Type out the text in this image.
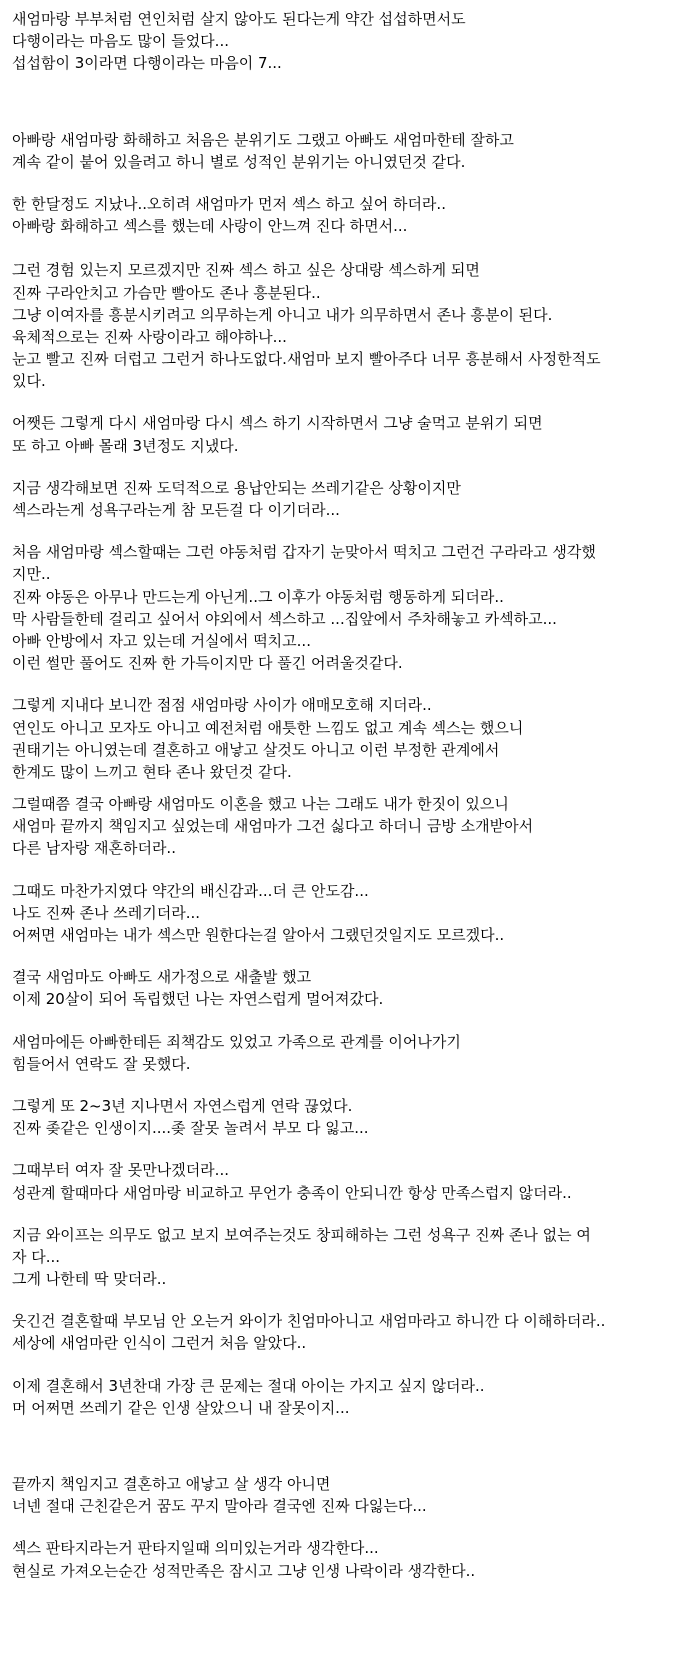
새엄마랑 부부처럼 연인처럼 살지 않아도 된다는게 약간 섭섭하면서도
다행이라는 마음도 많이 들었다...
섭섭함이 3이라면 다행이라는 마음이 7...
아빠랑 새엄마랑 화해하고 처음은 분위기도 그랬고 아빠도 새엄마한테 잘하고
계속 같이 붙어 있을려고 하니 별로 성적인 분위기는 아니였던것 같다.
한 한달정도 지났나..오히려 새엄마가 먼저 섹스 하고 싶어 하더라..
아빠랑 화해하고 섹스를 했는데 사랑이 안느껴 진다 하면서...
그런 경험 있는지 모르겠지만 진짜 섹스 하고 싶은 상대랑 섹스하게 되면
진짜 구라안치고 가슴만 빨아도 존나 흥분된다..
그냥 이여자를 흥분시키려고 의무하는게 아니고 내가 의무하면서 존나 흥분이 된다.
육체적으로는 진짜 사랑이라고 해야하나...
눈고 빨고 진짜 더럽고 그런거 하나도없다.새엄마 보지 빨아주다 너무 흥분해서 사정한적도
있다.
어쨋든 그렇게 다시 새엄마랑 다시 섹스 하기 시작하면서 그냥 술먹고 분위기 되면
또 하고 아빠 몰래 3년정도 지냈다.
지금 생각해보면 진짜 도덕적으로 용납안되는 쓰레기같은 상황이지만
섹스라는게 성욕구라는게 참 모든걸 다 이기더라...
처음 새엄마랑 섹스할때는 그런 야동처럼 갑자기 눈맞아서 떡치고 그런건 구라라고 생각했
지만..
진짜 야동은 아무나 만드는게 아닌게..그 이후가 야동처럼 행동하게 되더라..
막 사람들한테 걸리고 싶어서 야외에서 섹스하고 ...집앞에서 주차해놓고 카섹하고...
아빠 안방에서 자고 있는데 거실에서 떡치고...
이런 썰만 풀어도 진짜 한 가득이지만 다 풀긴 어려울것같다.
그렇게 지내다 보니깐 점점 새엄마랑 사이가 애매모호해 지더라..
연인도 아니고 모자도 아니고 예전처럼 애틋한 느낌도 없고 계속 섹스는 했으니
권태기는 아니였는데 결혼하고 애낳고 살것도 아니고 이런 부정한 관계에서
한계도 많이 느끼고 현타 존나 왔던것 같다.
그럴때쯤 결국 아빠랑 새엄마도 이혼을 했고 나는 그래도 내가 한짓이 있으니
새엄마 끝까지 책임지고 싶었는데 새엄마가 그건 싫다고 하더니 금방 소개받아서
다른 남자랑 재혼하더라..
그때도 마찬가지였다 약간의 배신감과...더 큰 안도감...
나도 진짜 존나 쓰레기더라...
어쩌면 새엄마는 내가 섹스만 원한다는걸 알아서 그랬던것일지도 모르겠다..
결국 새엄마도 아빠도 새가정으로 새출발 했고
이제 20살이 되어 독립했던 나는 자연스럽게 멀어져갔다.
새엄마에든 아빠한테든 죄책감도 있었고 가족으로 관계를 이어나가기
힘들어서 연락도 잘 못했다.
그렇게 또 2~3년 지나면서 자연스럽게 연락 끊었다.
진짜 좆같은 인생이지....좆 잘못 놀려서 부모 다 잃고...
그때부터 여자 잘 못만나겠더라...
성관계 할때마다 새엄마랑 비교하고 무언가 충족이 안되니깐 항상 만족스럽지 않더라..
지금 와이프는 의무도 없고 보지 보여주는것도 창피해하는 그런 성욕구 진짜 존나 없는 여
자 다...
그게 나한테 딱 맞더라..
웃긴건 결혼할때 부모님 안 오는거 와이가 친엄마아니고 새엄마라고 하니깐 다 이해하더라..
세상에 새엄마란 인식이 그런거 처음 알았다..
이제 결혼해서 3년찬대 가장 큰 문제는 절대 아이는 가지고 싶지 않더라..
머 어쩌면 쓰레기 같은 인생 살았으니 내 잘못이지...
끝까지 책임지고 결혼하고 애낳고 살 생각 아니면
너넨 절대 근친같은거 꿈도 꾸지 말아라 결국엔 진짜 다잃는다...
섹스 판타지라는거 판타지일때 의미있는거라 생각한다...
현실로 가져오는순간 성적만족은 잠시고 그냥 인생 나락이라 생각한다..
